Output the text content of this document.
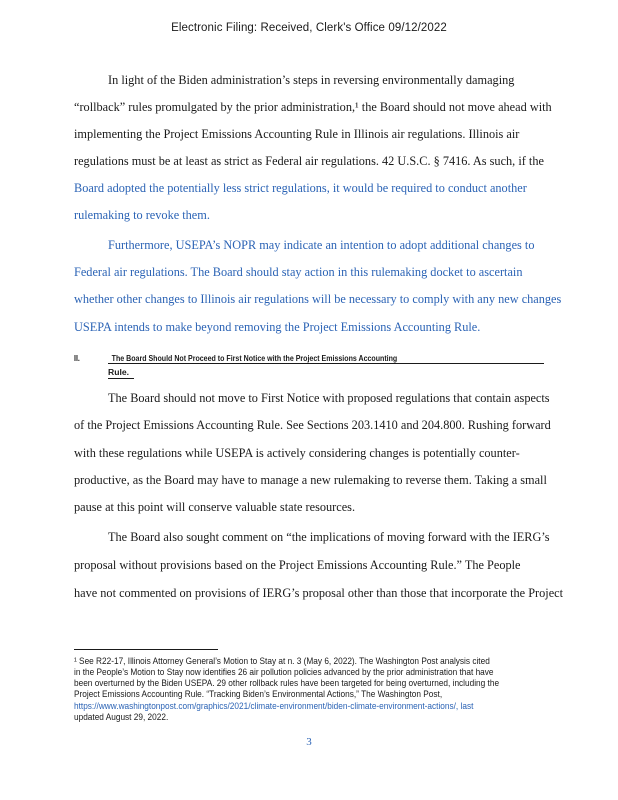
Electronic Filing: Received, Clerk's Office 09/12/2022
In light of the Biden administration’s steps in reversing environmentally damaging
“rollback” rules promulgated by the prior administration,¹ the Board should not move ahead with
implementing the Project Emissions Accounting Rule in Illinois air regulations. Illinois air
regulations must be at least as strict as Federal air regulations. 42 U.S.C. § 7416. As such, if the
Board adopted the potentially less strict regulations, it would be required to conduct another
rulemaking to revoke them.
Furthermore, USEPA’s NOPR may indicate an intention to adopt additional changes to
Federal air regulations. The Board should stay action in this rulemaking docket to ascertain
whether other changes to Illinois air regulations will be necessary to comply with any new changes
USEPA intends to make beyond removing the Project Emissions Accounting Rule.
II.	The Board Should Not Proceed to First Notice with the Project Emissions Accounting
Rule.
The Board should not move to First Notice with proposed regulations that contain aspects
of the Project Emissions Accounting Rule. See Sections 203.1410 and 204.800. Rushing forward
with these regulations while USEPA is actively considering changes is potentially counter-
productive, as the Board may have to manage a new rulemaking to reverse them. Taking a small
pause at this point will conserve valuable state resources.
The Board also sought comment on “the implications of moving forward with the IERG’s
proposal without provisions based on the Project Emissions Accounting Rule.” The People
have not commented on provisions of IERG’s proposal other than those that incorporate the Project
¹ See R22-17, Illinois Attorney General’s Motion to Stay at n. 3 (May 6, 2022). The Washington Post analysis cited
in the People’s Motion to Stay now identifies 26 air pollution policies advanced by the prior administration that have
been overturned by the Biden USEPA. 29 other rollback rules have been targeted for being overturned, including the
Project Emissions Accounting Rule. “Tracking Biden’s Environmental Actions,” The Washington Post,
https://www.washingtonpost.com/graphics/2021/climate-environment/biden-climate-environment-actions/, last
updated August 29, 2022.
3
